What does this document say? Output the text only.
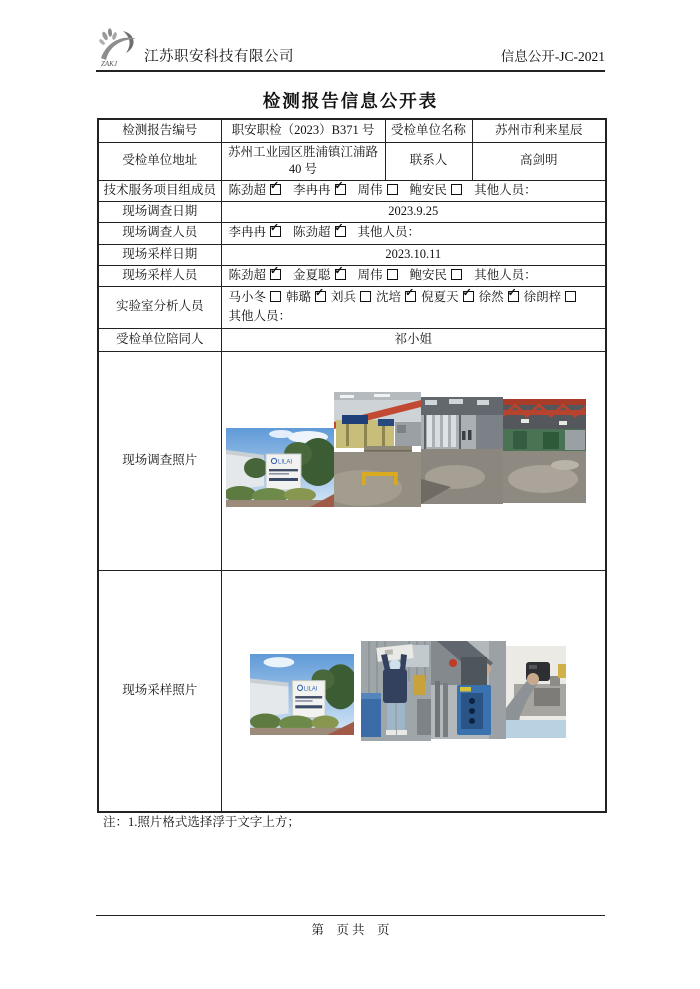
ZAKJ 江苏职安科技有限公司	信息公开-JC-2021
检测报告信息公开表
检测报告编号	职安职检（2023）B371 号	受检单位名称	苏州市利来星辰
受检单位地址	苏州工业园区胜浦镇江浦路 40 号	联系人	高剑明
技术服务项目组成员	陈劲超 ✓ 李冉冉 ✓ 周伟 鲍安民 其他人员：
现场调查日期	2023.9.25		
现场调查人员	李冉冉 ✓ 陈劲超 ✓ 其他人员：
现场采样日期	2023.10.11		
现场采样人员	陈劲超 ✓ 金夏聪 ✓ 周伟 鲍安民 其他人员：
实验室分析人员	马小冬 韩璐 ✓ 刘兵 沈培 ✓ 倪夏天 ✓ 徐然✓ 徐朗梓
其他人员：

受检单位陪同人	祁小姐		
现场调查照片	LILAI		

现场采样照片	LILAI		
注：1.照片格式选择浮于文字上方；
第　页 共　页
